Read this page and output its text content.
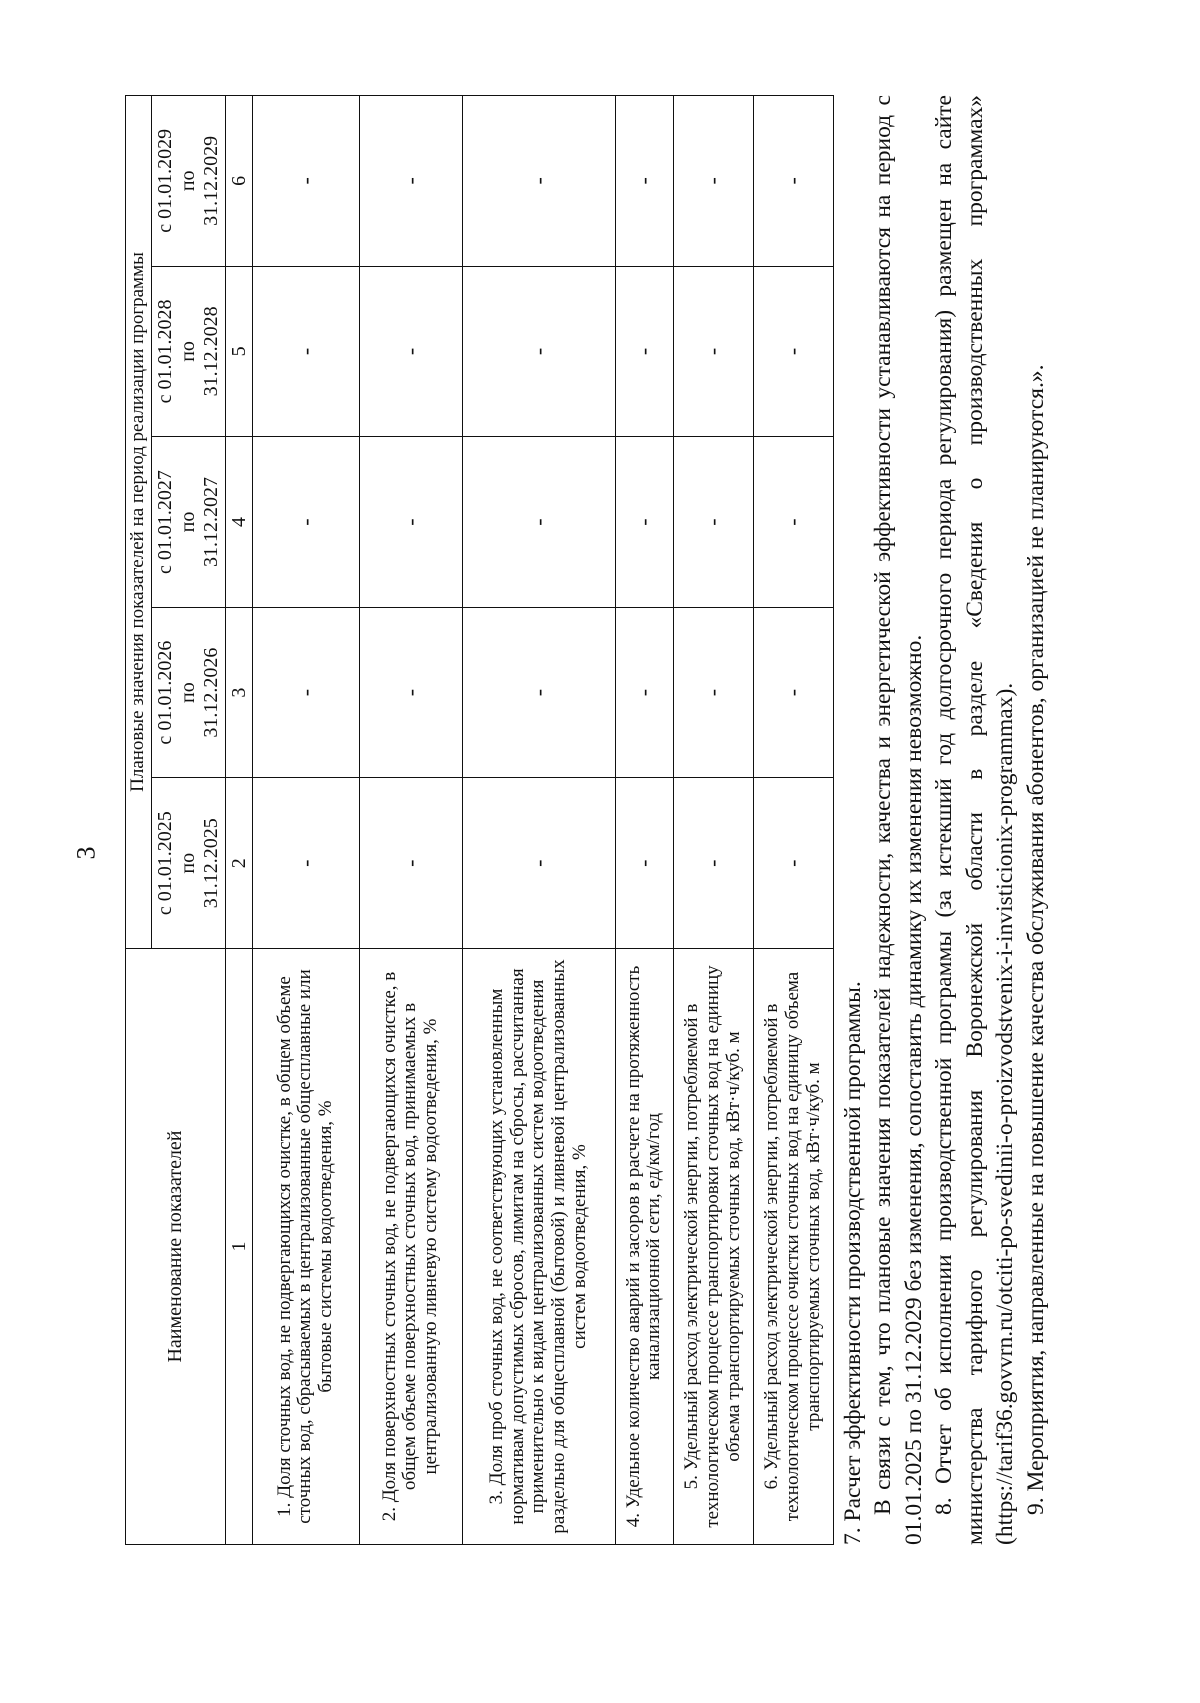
3
Наименование показателей	Плановые значения показателей на период реализации программы				

	с 01.01.2025 по 31.12.2025	с 01.01.2026 по 31.12.2026	с 01.01.2027 по 31.12.2027	с 01.01.2028 по 31.12.2028	с 01.01.2029 по 31.12.2029

1	2	3	4	5	6
1. Доля сточных вод, не подвергающихся очистке, в общем объеме сточных вод, сбрасываемых в централизованные общесплавные или бытовые системы водоотведения, %	-	-	-	-	-
2. Доля поверхностных сточных вод, не подвергающихся очистке, в общем объеме поверхностных сточных вод, принимаемых в централизованную ливневую систему водоотведения, %	-	-	-	-	-
3. Доля проб сточных вод, не соответствующих установленным нормативам допустимых сбросов, лимитам на сбросы, рассчитанная применительно к видам централизованных систем водоотведения раздельно для общесплавной (бытовой) и ливневой централизованных систем водоотведения, %	-	-	-	-	-
4. Удельное количество аварий и засоров в расчете на протяженность канализационной сети, ед/км/год	-	-	-	-	-
5. Удельный расход электрической энергии, потребляемой в технологическом процессе транспортировки сточных вод на единицу объема транспортируемых сточных вод, кВт·ч/куб. м	-	-	-	-	-
6. Удельный расход электрической энергии, потребляемой в технологическом процессе очистки сточных вод на единицу объема транспортируемых сточных вод, кВт·ч/куб. м	-	-	-	-	-

7. Расчет эффективности производственной программы. В связи с тем, что плановые значения показателей надежности, качества и энергетической эффективности устанавливаются на период с 01.01.2025 по 31.12.2029 без изменения, сопоставить динамику их изменения невозможно. 8. Отчет об исполнении производственной программы (за истекший год долгосрочного периода регулирования) размещен на сайте министерства тарифного регулирования Воронежской области в разделе «Сведения о производственных программах» (https://tarif36.govvrn.ru/otciti-po-svedinii-o-proizvodstvenix-i-invisticionix-programmax). 9. Мероприятия, направленные на повышение качества обслуживания абонентов, организацией не планируются.».
